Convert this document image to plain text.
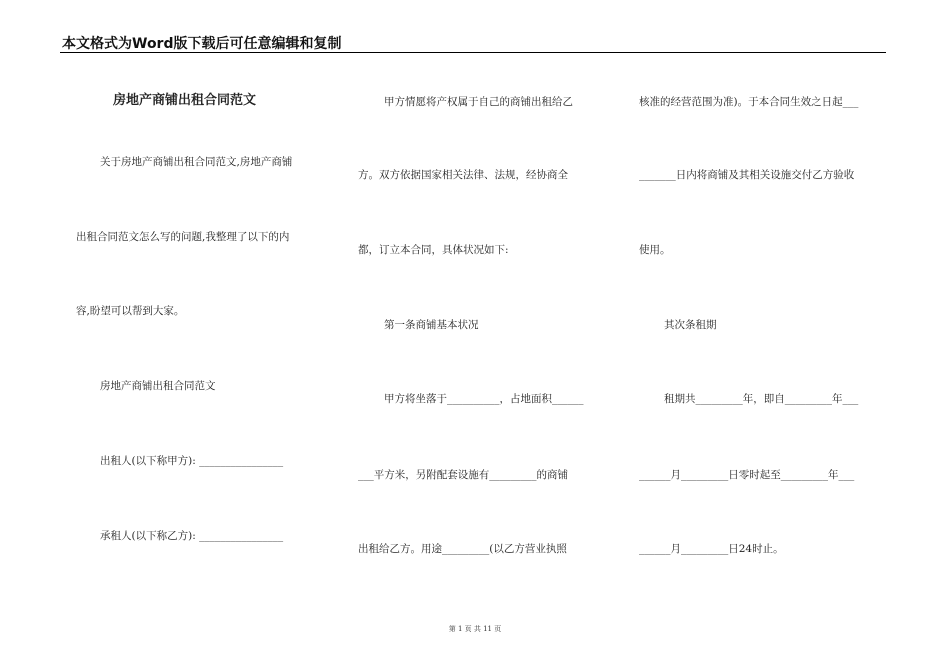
本文格式为Word版下载后可任意编辑和复制
房地产商铺出租合同范文
关于房地产商铺出租合同范文,房地产商铺
出租合同范文怎么写的问题,我整理了以下的内
容,盼望可以帮到大家。
房地产商铺出租合同范文
出租人(以下称甲方): ________________
承租人(以下称乙方): ________________
甲方情愿将产权属于自己的商铺出租给乙
方。双方依据国家相关法律、法规，经协商全
都，订立本合同，具体状况如下:
第一条商铺基本状况
甲方将坐落于__________，占地面积______
___平方米，另附配套设施有_________的商铺
出租给乙方。用途_________(以乙方营业执照
核准的经营范围为准)。于本合同生效之日起___
_______日内将商铺及其相关设施交付乙方验收
使用。
其次条租期
租期共_________年，即自_________年___
______月_________日零时起至_________年___
______月_________日24时止。
第 1 页 共 11 页
